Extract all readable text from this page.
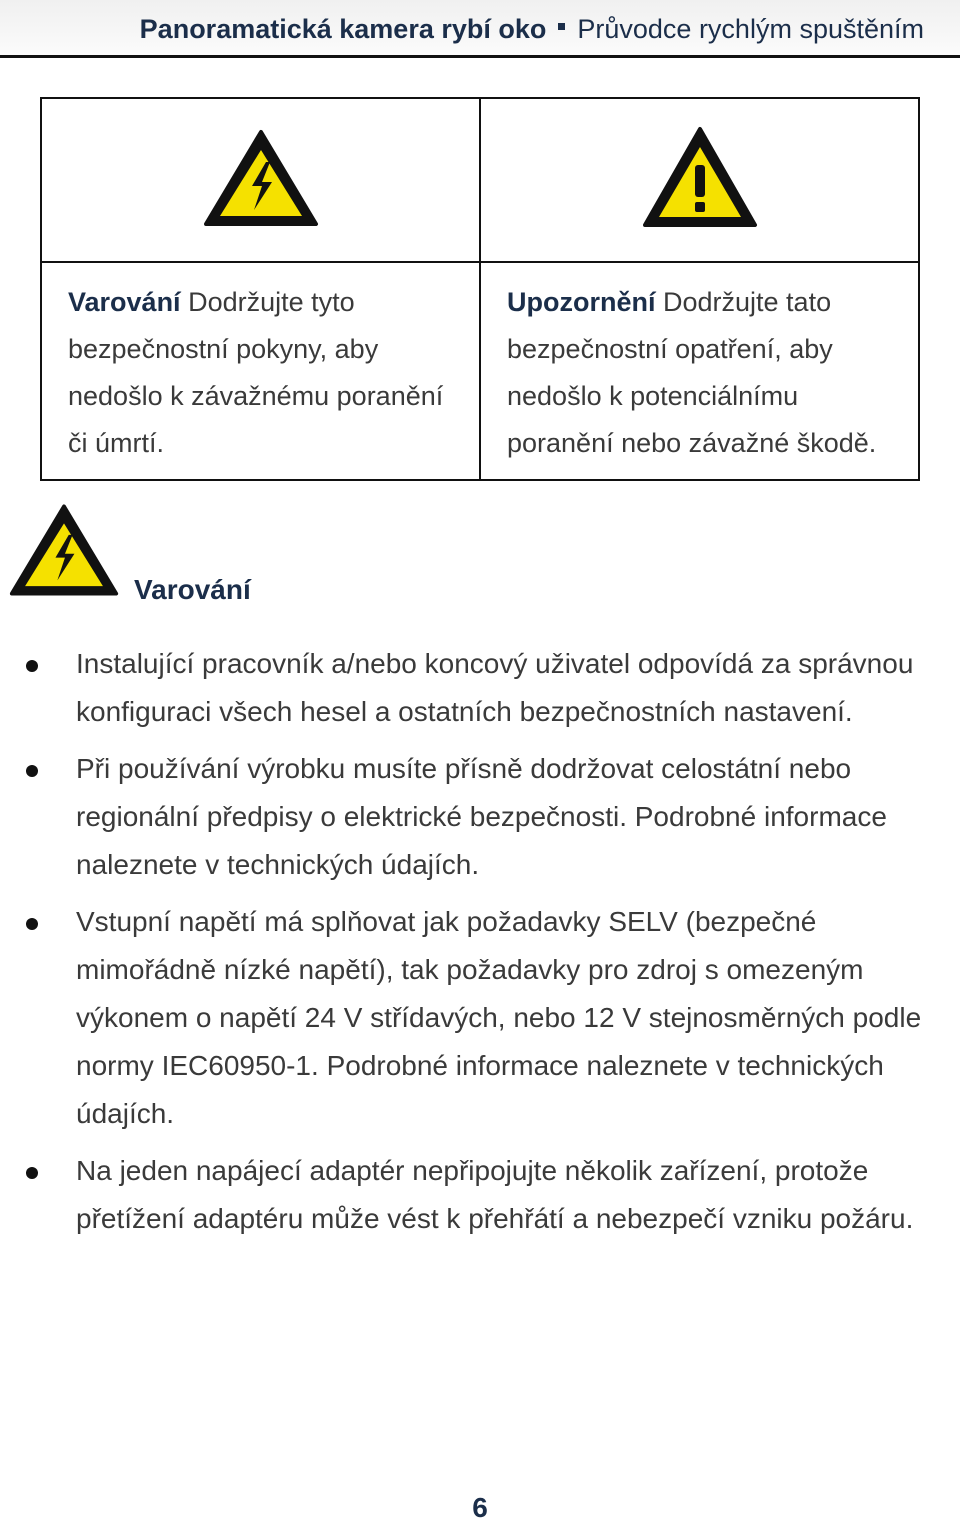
Panoramatická kamera rybí oko Průvodce rychlým spuštěním

Varování Dodržujte tyto bezpečnostní pokyny, aby nedošlo k závažnému poranění či úmrtí.	Upozornění Dodržujte tato bezpečnostní opatření, aby nedošlo k potenciálnímu poranění nebo závažné škodě.
Varování
Instalující pracovník a/nebo koncový uživatel odpovídá za správnou konfiguraci všech hesel a ostatních bezpečnostních nastavení.
Při používání výrobku musíte přísně dodržovat celostátní nebo regionální předpisy o elektrické bezpečnosti. Podrobné informace naleznete v technických údajích.
Vstupní napětí má splňovat jak požadavky SELV (bezpečné mimořádně nízké napětí), tak požadavky pro zdroj s omezeným výkonem o napětí 24 V střídavých, nebo 12 V stejnosměrných podle normy IEC60950-1. Podrobné informace naleznete v technických údajích.
Na jeden napájecí adaptér nepřipojujte několik zařízení, protože přetížení adaptéru může vést k přehřátí a nebezpečí vzniku požáru.
6
